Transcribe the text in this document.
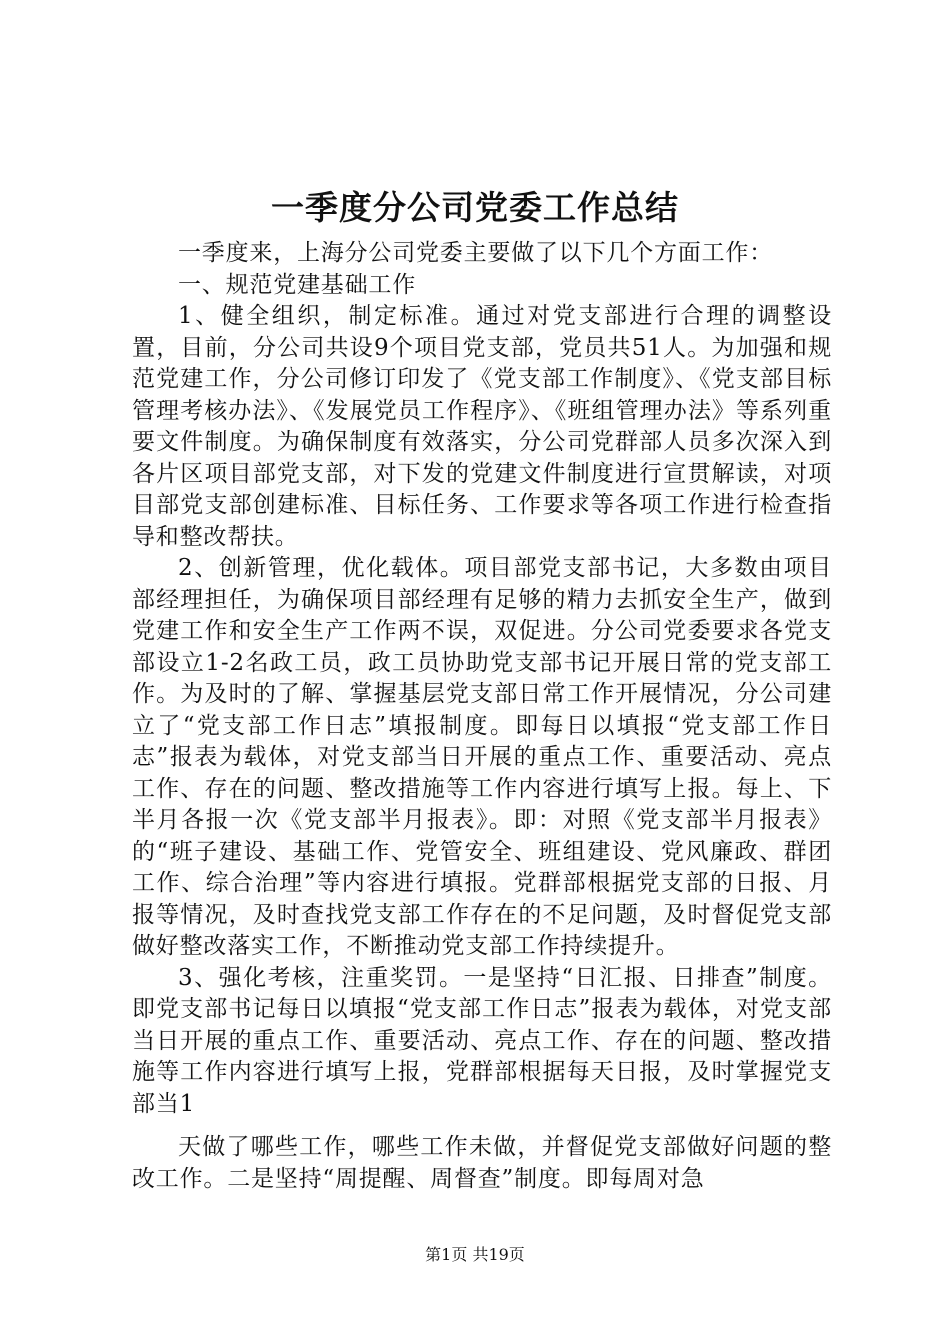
一季度分公司党委工作总结

一季度来，上海分公司党委主要做了以下几个方面工作：

一、规范党建基础工作

1、健全组织，制定标准。通过对党支部进行合理的调整设置，目前，分公司共设9个项目党支部，党员共51人。为加强和规范党建工作，分公司修订印发了《党支部工作制度》、《党支部目标管理考核办法》、《发展党员工作程序》、《班组管理办法》等系列重要文件制度。为确保制度有效落实，分公司党群部人员多次深入到各片区项目部党支部，对下发的党建文件制度进行宣贯解读，对项目部党支部创建标准、目标任务、工作要求等各项工作进行检查指导和整改帮扶。

2、创新管理，优化载体。项目部党支部书记，大多数由项目部经理担任，为确保项目部经理有足够的精力去抓安全生产，做到党建工作和安全生产工作两不误，双促进。分公司党委要求各党支部设立1-2名政工员，政工员协助党支部书记开展日常的党支部工作。为及时的了解、掌握基层党支部日常工作开展情况，分公司建立了“党支部工作日志”填报制度。即每日以填报“党支部工作日志”报表为载体，对党支部当日开展的重点工作、重要活动、亮点工作、存在的问题、整改措施等工作内容进行填写上报。每上、下半月各报一次《党支部半月报表》。即：对照《党支部半月报表》的“班子建设、基础工作、党管安全、班组建设、党风廉政、群团工作、综合治理”等内容进行填报。党群部根据党支部的日报、月报等情况，及时查找党支部工作存在的不足问题，及时督促党支部做好整改落实工作，不断推动党支部工作持续提升。

3、强化考核，注重奖罚。一是坚持“日汇报、日排查”制度。即党支部书记每日以填报“党支部工作日志”报表为载体，对党支部当日开展的重点工作、重要活动、亮点工作、存在的问题、整改措施等工作内容进行填写上报，党群部根据每天日报，及时掌握党支部当1

天做了哪些工作，哪些工作未做，并督促党支部做好问题的整改工作。二是坚持“周提醒、周督查”制度。即每周对急

第1页 共19页
